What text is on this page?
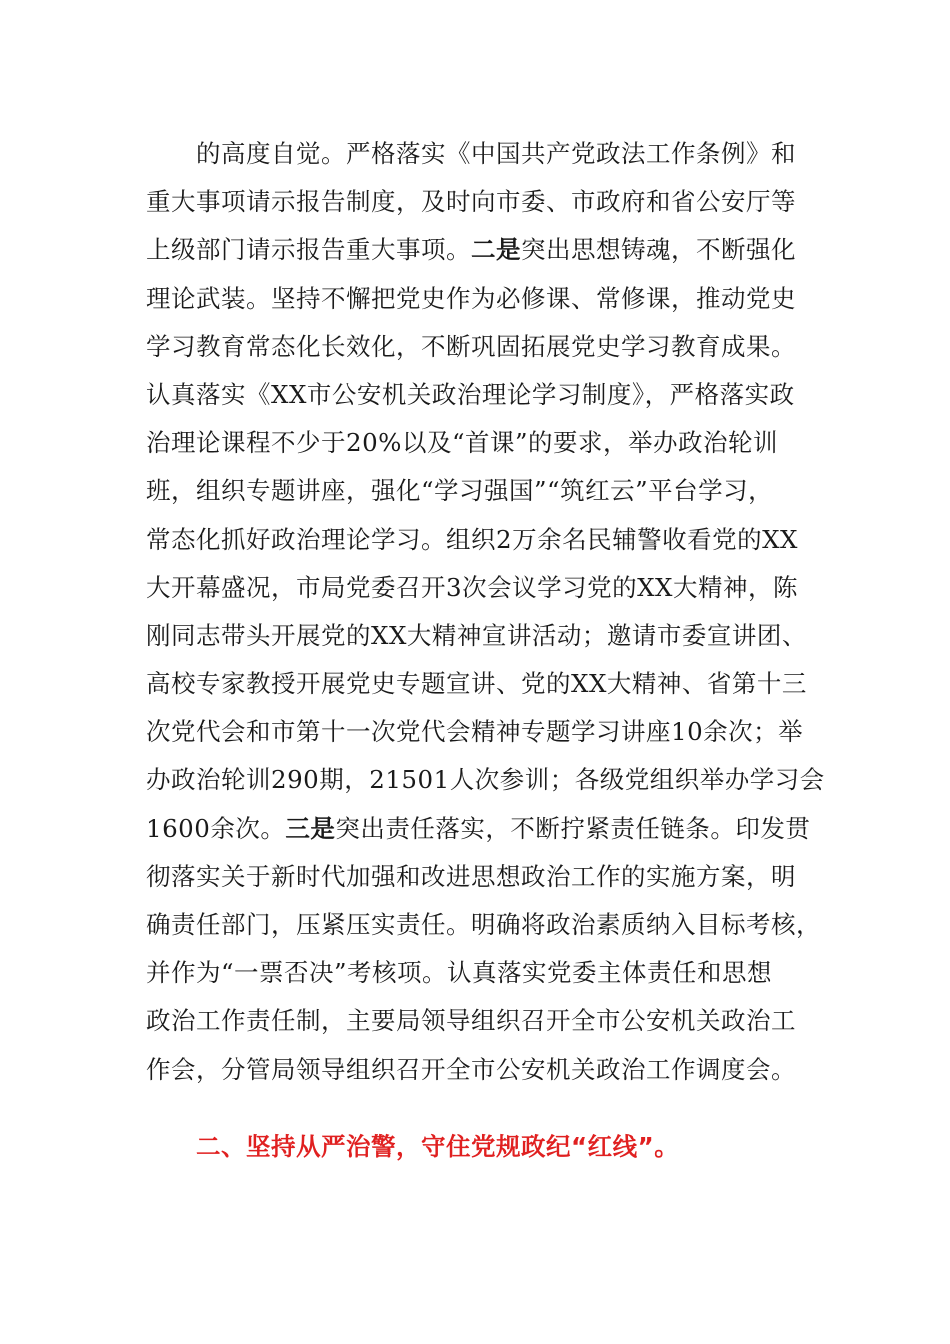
　　的高度自觉。严格落实《中国共产党政法工作条例》和
重大事项请示报告制度，及时向市委、市政府和省公安厅等
上级部门请示报告重大事项。二是突出思想铸魂，不断强化
理论武装。坚持不懈把党史作为必修课、常修课，推动党史
学习教育常态化长效化，不断巩固拓展党史学习教育成果。
认真落实《XX市公安机关政治理论学习制度》，严格落实政
治理论课程不少于20%以及“首课”的要求，举办政治轮训
班，组织专题讲座，强化“学习强国”“筑红云”平台学习，
常态化抓好政治理论学习。组织2万余名民辅警收看党的XX
大开幕盛况，市局党委召开3次会议学习党的XX大精神，陈
刚同志带头开展党的XX大精神宣讲活动；邀请市委宣讲团、
高校专家教授开展党史专题宣讲、党的XX大精神、省第十三
次党代会和市第十一次党代会精神专题学习讲座10余次；举
办政治轮训290期，21501人次参训；各级党组织举办学习会
1600余次。三是突出责任落实，不断拧紧责任链条。印发贯
彻落实关于新时代加强和改进思想政治工作的实施方案，明
确责任部门，压紧压实责任。明确将政治素质纳入目标考核，
并作为“一票否决”考核项。认真落实党委主体责任和思想
政治工作责任制，主要局领导组织召开全市公安机关政治工
作会，分管局领导组织召开全市公安机关政治工作调度会。
二、坚持从严治警，守住党规政纪“红线”。
